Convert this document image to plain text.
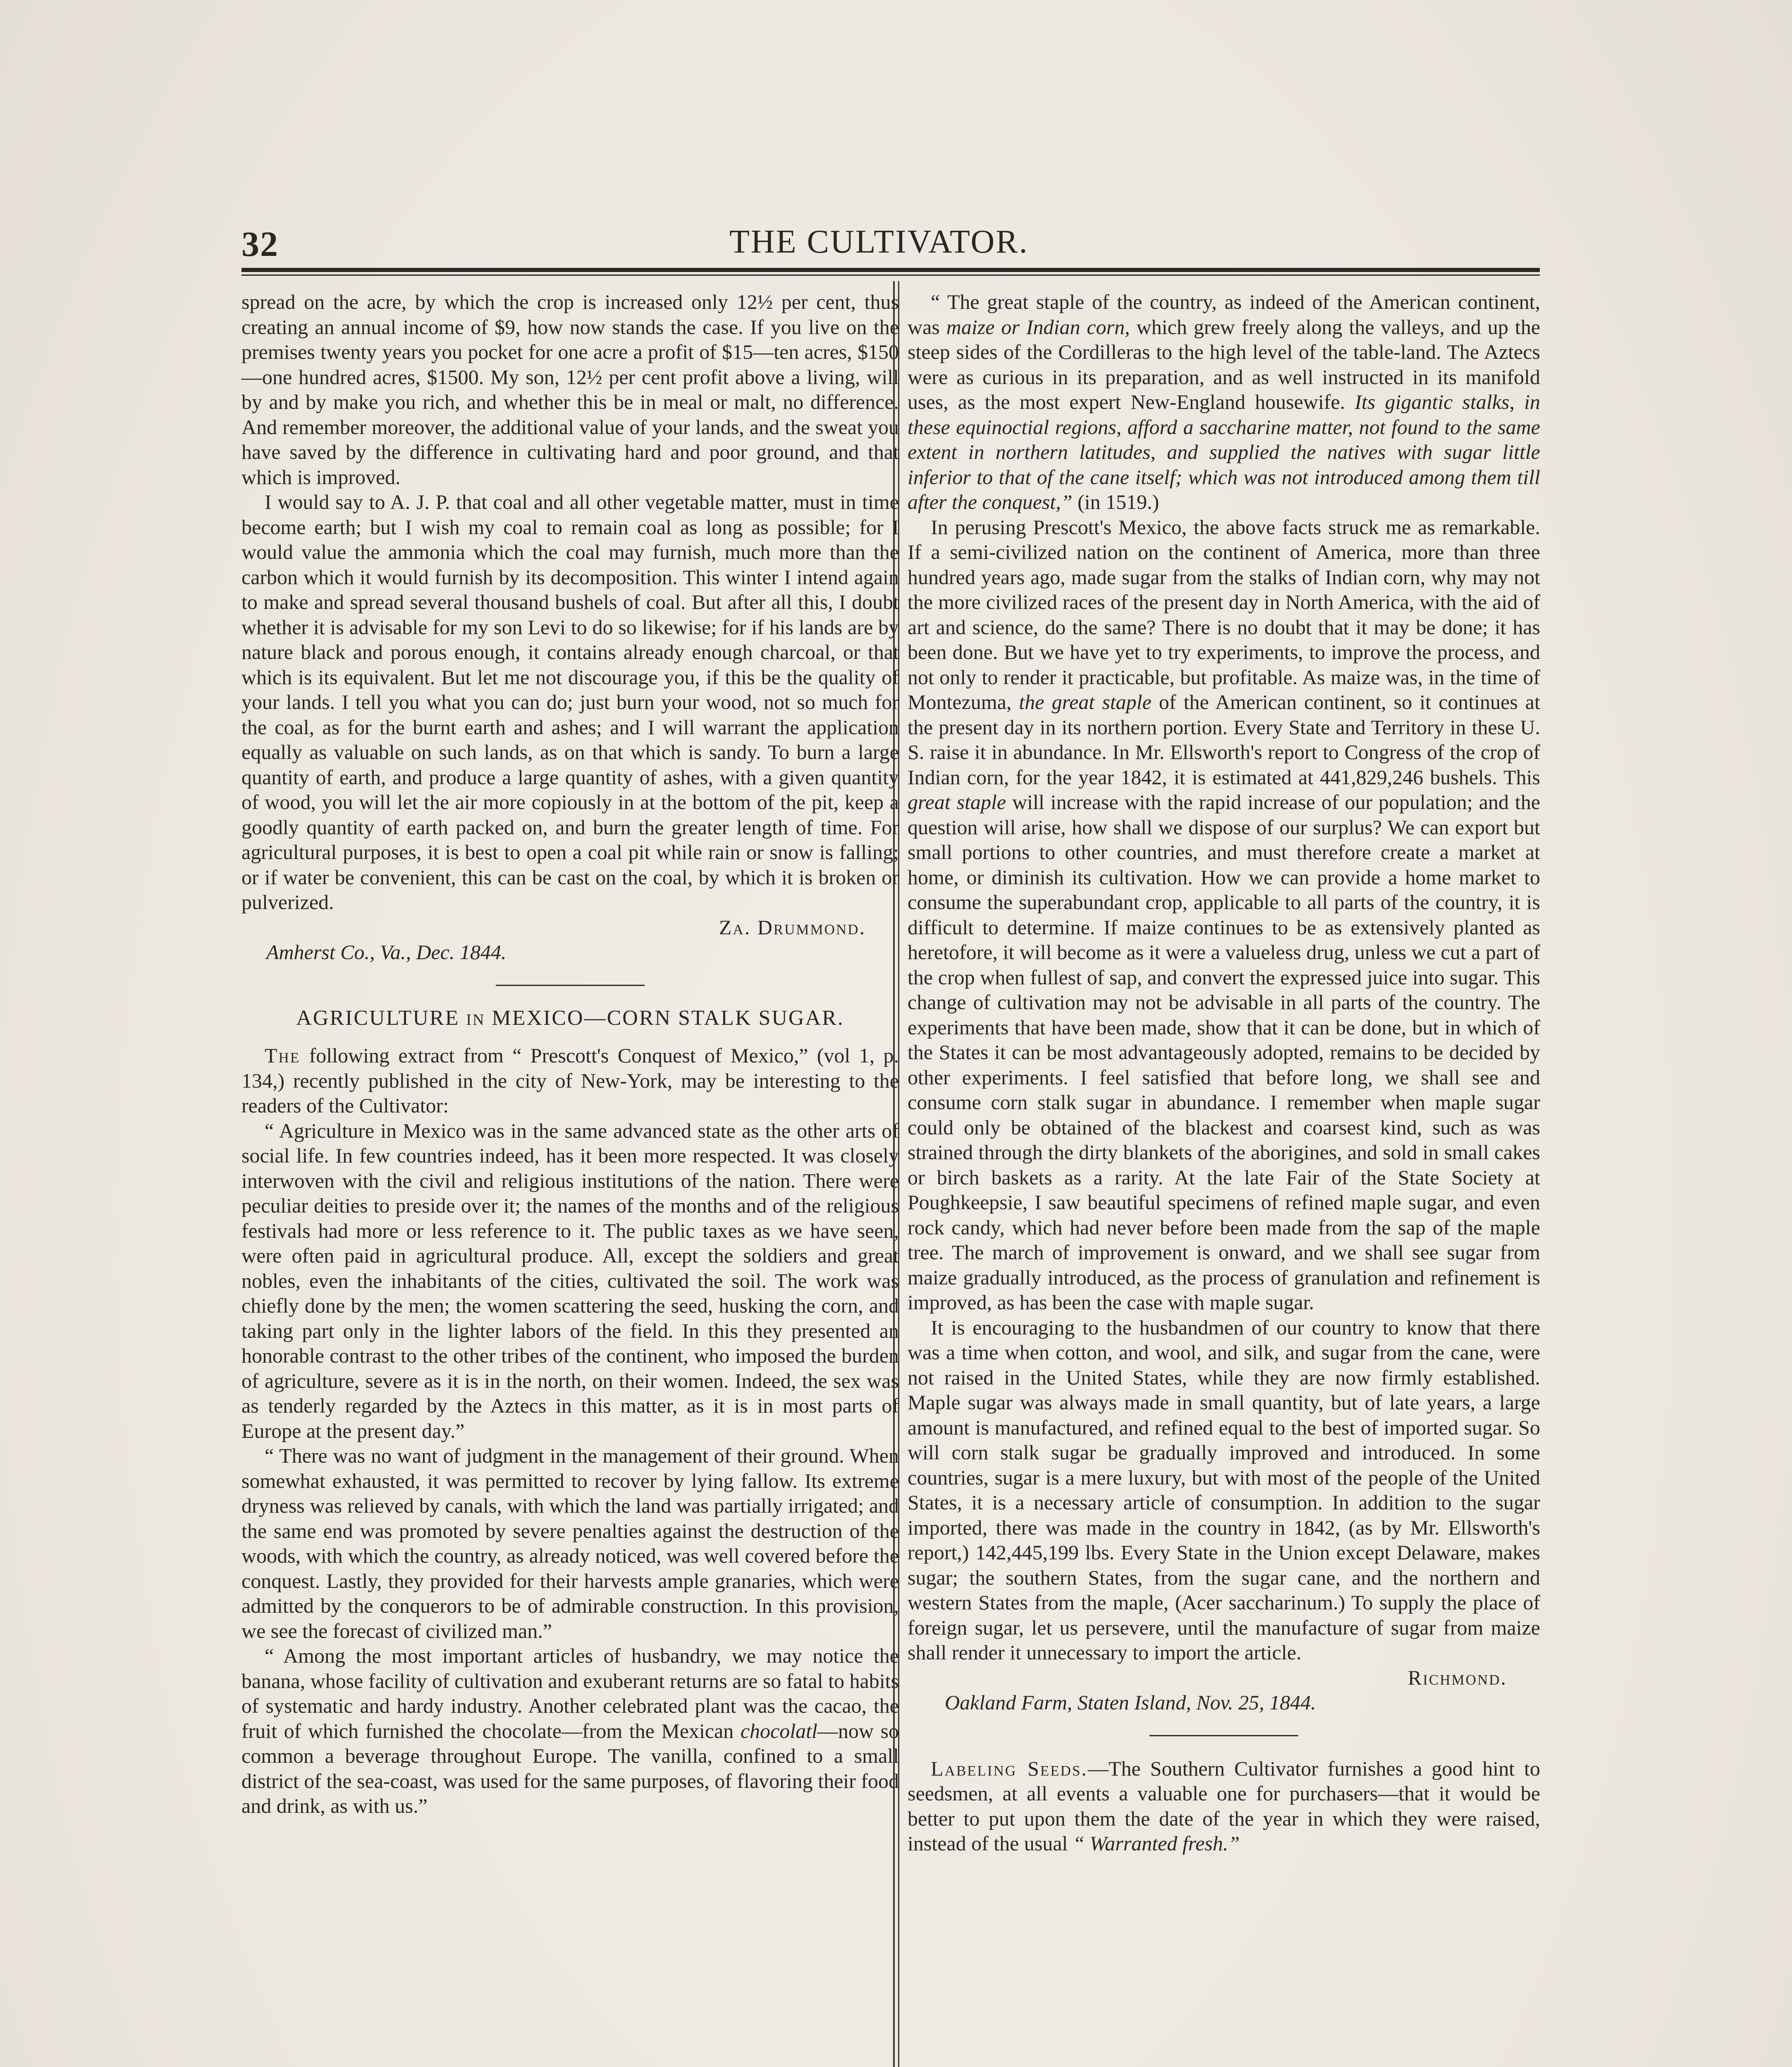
32	THE CULTIVATOR.

spread on the acre, by which the crop is increased only 12½ per cent, thus creating an annual income of $9, how now stands the case. If you live on the premises twenty years you pocket for one acre a profit of $15—ten acres, $150—one hundred acres, $1500. My son, 12½ per cent profit above a living, will by and by make you rich, and whether this be in meal or malt, no difference. And remember moreover, the additional value of your lands, and the sweat you have saved by the difference in cultivating hard and poor ground, and that which is improved.

I would say to A. J. P. that coal and all other vegetable matter, must in time become earth; but I wish my coal to remain coal as long as possible; for I would value the ammonia which the coal may furnish, much more than the carbon which it would furnish by its decomposition. This winter I intend again to make and spread several thousand bushels of coal. But after all this, I doubt whether it is advisable for my son Levi to do so likewise; for if his lands are by nature black and porous enough, it contains already enough charcoal, or that which is its equivalent. But let me not discourage you, if this be the quality of your lands. I tell you what you can do; just burn your wood, not so much for the coal, as for the burnt earth and ashes; and I will warrant the application equally as valuable on such lands, as on that which is sandy. To burn a large quantity of earth, and produce a large quantity of ashes, with a given quantity of wood, you will let the air more copiously in at the bottom of the pit, keep a goodly quantity of earth packed on, and burn the greater length of time. For agricultural purposes, it is best to open a coal pit while rain or snow is falling; or if water be convenient, this can be cast on the coal, by which it is broken or pulverized.

Za. Drummond.

Amherst Co., Va., Dec. 1844.

AGRICULTURE IN MEXICO—CORN STALK SUGAR.

The following extract from “ Prescott's Conquest of Mexico,” (vol 1, p. 134,) recently published in the city of New-York, may be interesting to the readers of the Cultivator:

“ Agriculture in Mexico was in the same advanced state as the other arts of social life. In few countries indeed, has it been more respected. It was closely interwoven with the civil and religious institutions of the nation. There were peculiar deities to preside over it; the names of the months and of the religious festivals had more or less reference to it. The public taxes as we have seen, were often paid in agricultural produce. All, except the soldiers and great nobles, even the inhabitants of the cities, cultivated the soil. The work was chiefly done by the men; the women scattering the seed, husking the corn, and taking part only in the lighter labors of the field. In this they presented an honorable contrast to the other tribes of the continent, who imposed the burden of agriculture, severe as it is in the north, on their women. Indeed, the sex was as tenderly regarded by the Aztecs in this matter, as it is in most parts of Europe at the present day.”

“ There was no want of judgment in the management of their ground. When somewhat exhausted, it was permitted to recover by lying fallow. Its extreme dryness was relieved by canals, with which the land was partially irrigated; and the same end was promoted by severe penalties against the destruction of the woods, with which the country, as already noticed, was well covered before the conquest. Lastly, they provided for their harvests ample granaries, which were admitted by the conquerors to be of admirable construction. In this provision, we see the forecast of civilized man.”

“ Among the most important articles of husbandry, we may notice the banana, whose facility of cultivation and exuberant returns are so fatal to habits of systematic and hardy industry. Another celebrated plant was the cacao, the fruit of which furnished the chocolate—from the Mexican chocolatl—now so common a beverage throughout Europe. The vanilla, confined to a small district of the sea-coast, was used for the same purposes, of flavoring their food and drink, as with us.”

“ The great staple of the country, as indeed of the American continent, was maize or Indian corn, which grew freely along the valleys, and up the steep sides of the Cordilleras to the high level of the table-land. The Aztecs were as curious in its preparation, and as well instructed in its manifold uses, as the most expert New-England housewife. Its gigantic stalks, in these equinoctial regions, afford a saccharine matter, not found to the same extent in northern latitudes, and supplied the natives with sugar little inferior to that of the cane itself; which was not introduced among them till after the conquest,” (in 1519.)

In perusing Prescott's Mexico, the above facts struck me as remarkable. If a semi-civilized nation on the continent of America, more than three hundred years ago, made sugar from the stalks of Indian corn, why may not the more civilized races of the present day in North America, with the aid of art and science, do the same? There is no doubt that it may be done; it has been done. But we have yet to try experiments, to improve the process, and not only to render it practicable, but profitable. As maize was, in the time of Montezuma, the great staple of the American continent, so it continues at the present day in its northern portion. Every State and Territory in these U. S. raise it in abundance. In Mr. Ellsworth's report to Congress of the crop of Indian corn, for the year 1842, it is estimated at 441,829,246 bushels. This great staple will increase with the rapid increase of our population; and the question will arise, how shall we dispose of our surplus? We can export but small portions to other countries, and must therefore create a market at home, or diminish its cultivation. How we can provide a home market to consume the superabundant crop, applicable to all parts of the country, it is difficult to determine. If maize continues to be as extensively planted as heretofore, it will become as it were a valueless drug, unless we cut a part of the crop when fullest of sap, and convert the expressed juice into sugar. This change of cultivation may not be advisable in all parts of the country. The experiments that have been made, show that it can be done, but in which of the States it can be most advantageously adopted, remains to be decided by other experiments. I feel satisfied that before long, we shall see and consume corn stalk sugar in abundance. I remember when maple sugar could only be obtained of the blackest and coarsest kind, such as was strained through the dirty blankets of the aborigines, and sold in small cakes or birch baskets as a rarity. At the late Fair of the State Society at Poughkeepsie, I saw beautiful specimens of refined maple sugar, and even rock candy, which had never before been made from the sap of the maple tree. The march of improvement is onward, and we shall see sugar from maize gradually introduced, as the process of granulation and refinement is improved, as has been the case with maple sugar.

It is encouraging to the husbandmen of our country to know that there was a time when cotton, and wool, and silk, and sugar from the cane, were not raised in the United States, while they are now firmly established. Maple sugar was always made in small quantity, but of late years, a large amount is manufactured, and refined equal to the best of imported sugar. So will corn stalk sugar be gradually improved and introduced. In some countries, sugar is a mere luxury, but with most of the people of the United States, it is a necessary article of consumption. In addition to the sugar imported, there was made in the country in 1842, (as by Mr. Ellsworth's report,) 142,445,199 lbs. Every State in the Union except Delaware, makes sugar; the southern States, from the sugar cane, and the northern and western States from the maple, (Acer saccharinum.) To supply the place of foreign sugar, let us persevere, until the manufacture of sugar from maize shall render it unnecessary to import the article.

Richmond.

Oakland Farm, Staten Island, Nov. 25, 1844.

Labeling Seeds.—The Southern Cultivator furnishes a good hint to seedsmen, at all events a valuable one for purchasers—that it would be better to put upon them the date of the year in which they were raised, instead of the usual “ Warranted fresh.”
